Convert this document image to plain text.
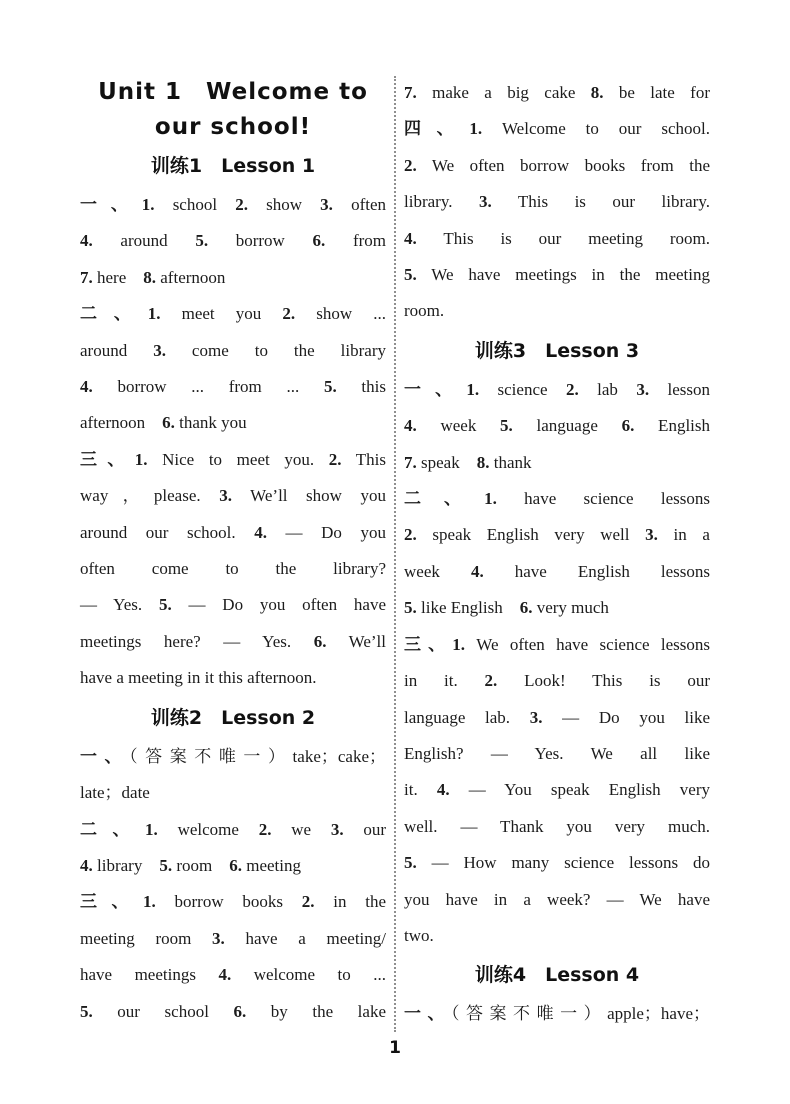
Unit 1 Welcome to
our school!
训练1 Lesson 1
一、1. school 2. show 3. often
4. around 5. borrow 6. from
7. here 8. afternoon
二、1. meet you 2. show ...
around 3. come to the library
4. borrow ... from ... 5. this
afternoon 6. thank you
三、1. Nice to meet you. 2. This
way，please. 3. We’ll show you
around our school. 4. — Do you
often come to the library?
— Yes. 5. — Do you often have
meetings here? — Yes. 6. We’ll
have a meeting in it this afternoon.
训练2 Lesson 2
一、（答案不唯一）take；cake；
late；date
二、1. welcome 2. we 3. our
4. library 5. room 6. meeting
三、1. borrow books 2. in the
meeting room 3. have a meeting/
have meetings 4. welcome to ...
5. our school 6. by the lake
7. make a big cake 8. be late for
四、1. Welcome to our school.
2. We often borrow books from the
library. 3. This is our library.
4. This is our meeting room.
5. We have meetings in the meeting
room.
训练3 Lesson 3
一、1. science 2. lab 3. lesson
4. week 5. language 6. English
7. speak 8. thank
二、1. have science lessons
2. speak English very well 3. in a
week 4. have English lessons
5. like English 6. very much
三、1. We often have science lessons
in it. 2. Look! This is our
language lab. 3. — Do you like
English? — Yes. We all like
it. 4. — You speak English very
well. — Thank you very much.
5. — How many science lessons do
you have in a week? — We have
two.
训练4 Lesson 4
一、（答案不唯一）apple；have；
1
